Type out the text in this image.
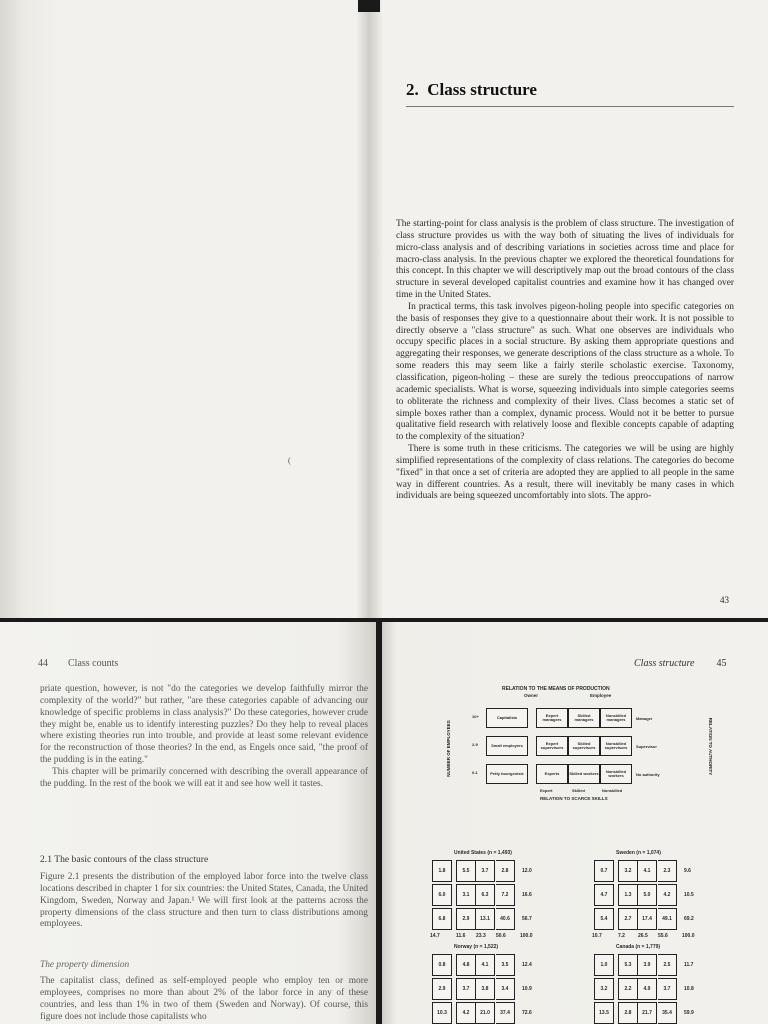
2. Class structure

The starting-point for class analysis is the problem of class structure. The investigation of class structure provides us with the way both of situating the lives of individuals for micro-class analysis and of describing variations in societies across time and place for macro-class analysis. In the previous chapter we explored the theoretical foundations for this concept. In this chapter we will descriptively map out the broad contours of the class structure in several developed capitalist countries and examine how it has changed over time in the United States.

In practical terms, this task involves pigeon-holing people into specific categories on the basis of responses they give to a questionnaire about their work. It is not possible to directly observe a "class structure" as such. What one observes are individuals who occupy specific places in a social structure. By asking them appropriate questions and aggregating their responses, we generate descriptions of the class structure as a whole. To some readers this may seem like a fairly sterile scholastic exercise. Taxonomy, classification, pigeon-holing – these are surely the tedious preoccupations of narrow academic specialists. What is worse, squeezing individuals into simple categories seems to obliterate the richness and complexity of their lives. Class becomes a static set of simple boxes rather than a complex, dynamic process. Would not it be better to pursue qualitative field research with relatively loose and flexible concepts capable of adapting to the complexity of the situation?

There is some truth in these criticisms. The categories we will be using are highly simplified representations of the complexity of class relations. The categories do become "fixed" in that once a set of criteria are adopted they are applied to all people in the same way in different countries. As a result, there will inevitably be many cases in which individuals are being squeezed uncomfortably into slots. The appro-

(
43
44 Class counts

priate question, however, is not "do the categories we develop faithfully mirror the complexity of the world?" but rather, "are these categories capable of advancing our knowledge of specific problems in class analysis?" Do these categories, however crude they might be, enable us to identify interesting puzzles? Do they help to reveal places where existing theories run into trouble, and provide at least some relevant evidence for the reconstruction of those theories? In the end, as Engels once said, "the proof of the pudding is in the eating."

This chapter will be primarily concerned with describing the overall appearance of the pudding. In the rest of the book we will eat it and see how well it tastes.

2.1 The basic contours of the class structure

Figure 2.1 presents the distribution of the employed labor force into the twelve class locations described in chapter 1 for six countries: the United States, Canada, the United Kingdom, Sweden, Norway and Japan.¹ We will first look at the patterns across the property dimensions of the class structure and then turn to class distributions among employees.

The property dimension

The capitalist class, defined as self-employed people who employ ten or more employees, comprises no more than about 2% of the labor force in any of these countries, and less than 1% in two of them (Sweden and Norway). Of course, this figure does not include those capitalists who

Class structure 45
RELATION TO THE MEANS OF PRODUCTION
Owner	Employee
NUMBER OF EMPLOYEES	RELATION TO AUTHORITY
10+
2-9
0-1
Capitalists
Small employers
Petty bourgeoisie
Expert managers
Skilled managers
Nonskilled managers
Expert supervisors
Skilled supervisors
Nonskilled supervisors
Experts	Skilled workers	Nonskilled workers
Manager
Supervisor
No authority
Expert	Skilled	Nonskilled
RELATION TO SCARCE SKILLS
United States (n = 1,493)
1.8	5.5	3.7	2.8	12.0
6.0	3.1	6.3	7.2	16.6
6.8	2.9	13.1	40.6	56.7
14.7	11.6 23.3 50.6	100.0
Sweden (n = 1,074)
0.7	3.2	4.1	2.3	9.6
4.7	1.3	5.0	4.2	10.5
5.4	2.7	17.4	49.1	69.2
10.7	7.2	26.5 55.6	100.0
Norway (n = 1,522)
0.8	4.8	4.1	3.5	12.4
2.9	3.7	3.8	3.4	10.9
10.3	4.2	21.0	37.4	72.6
Canada (n = 1,779)
1.0	5.3	3.9	2.5	11.7
3.2	2.2	4.9	3.7	10.8
13.5	2.8	21.7	35.4	59.9
